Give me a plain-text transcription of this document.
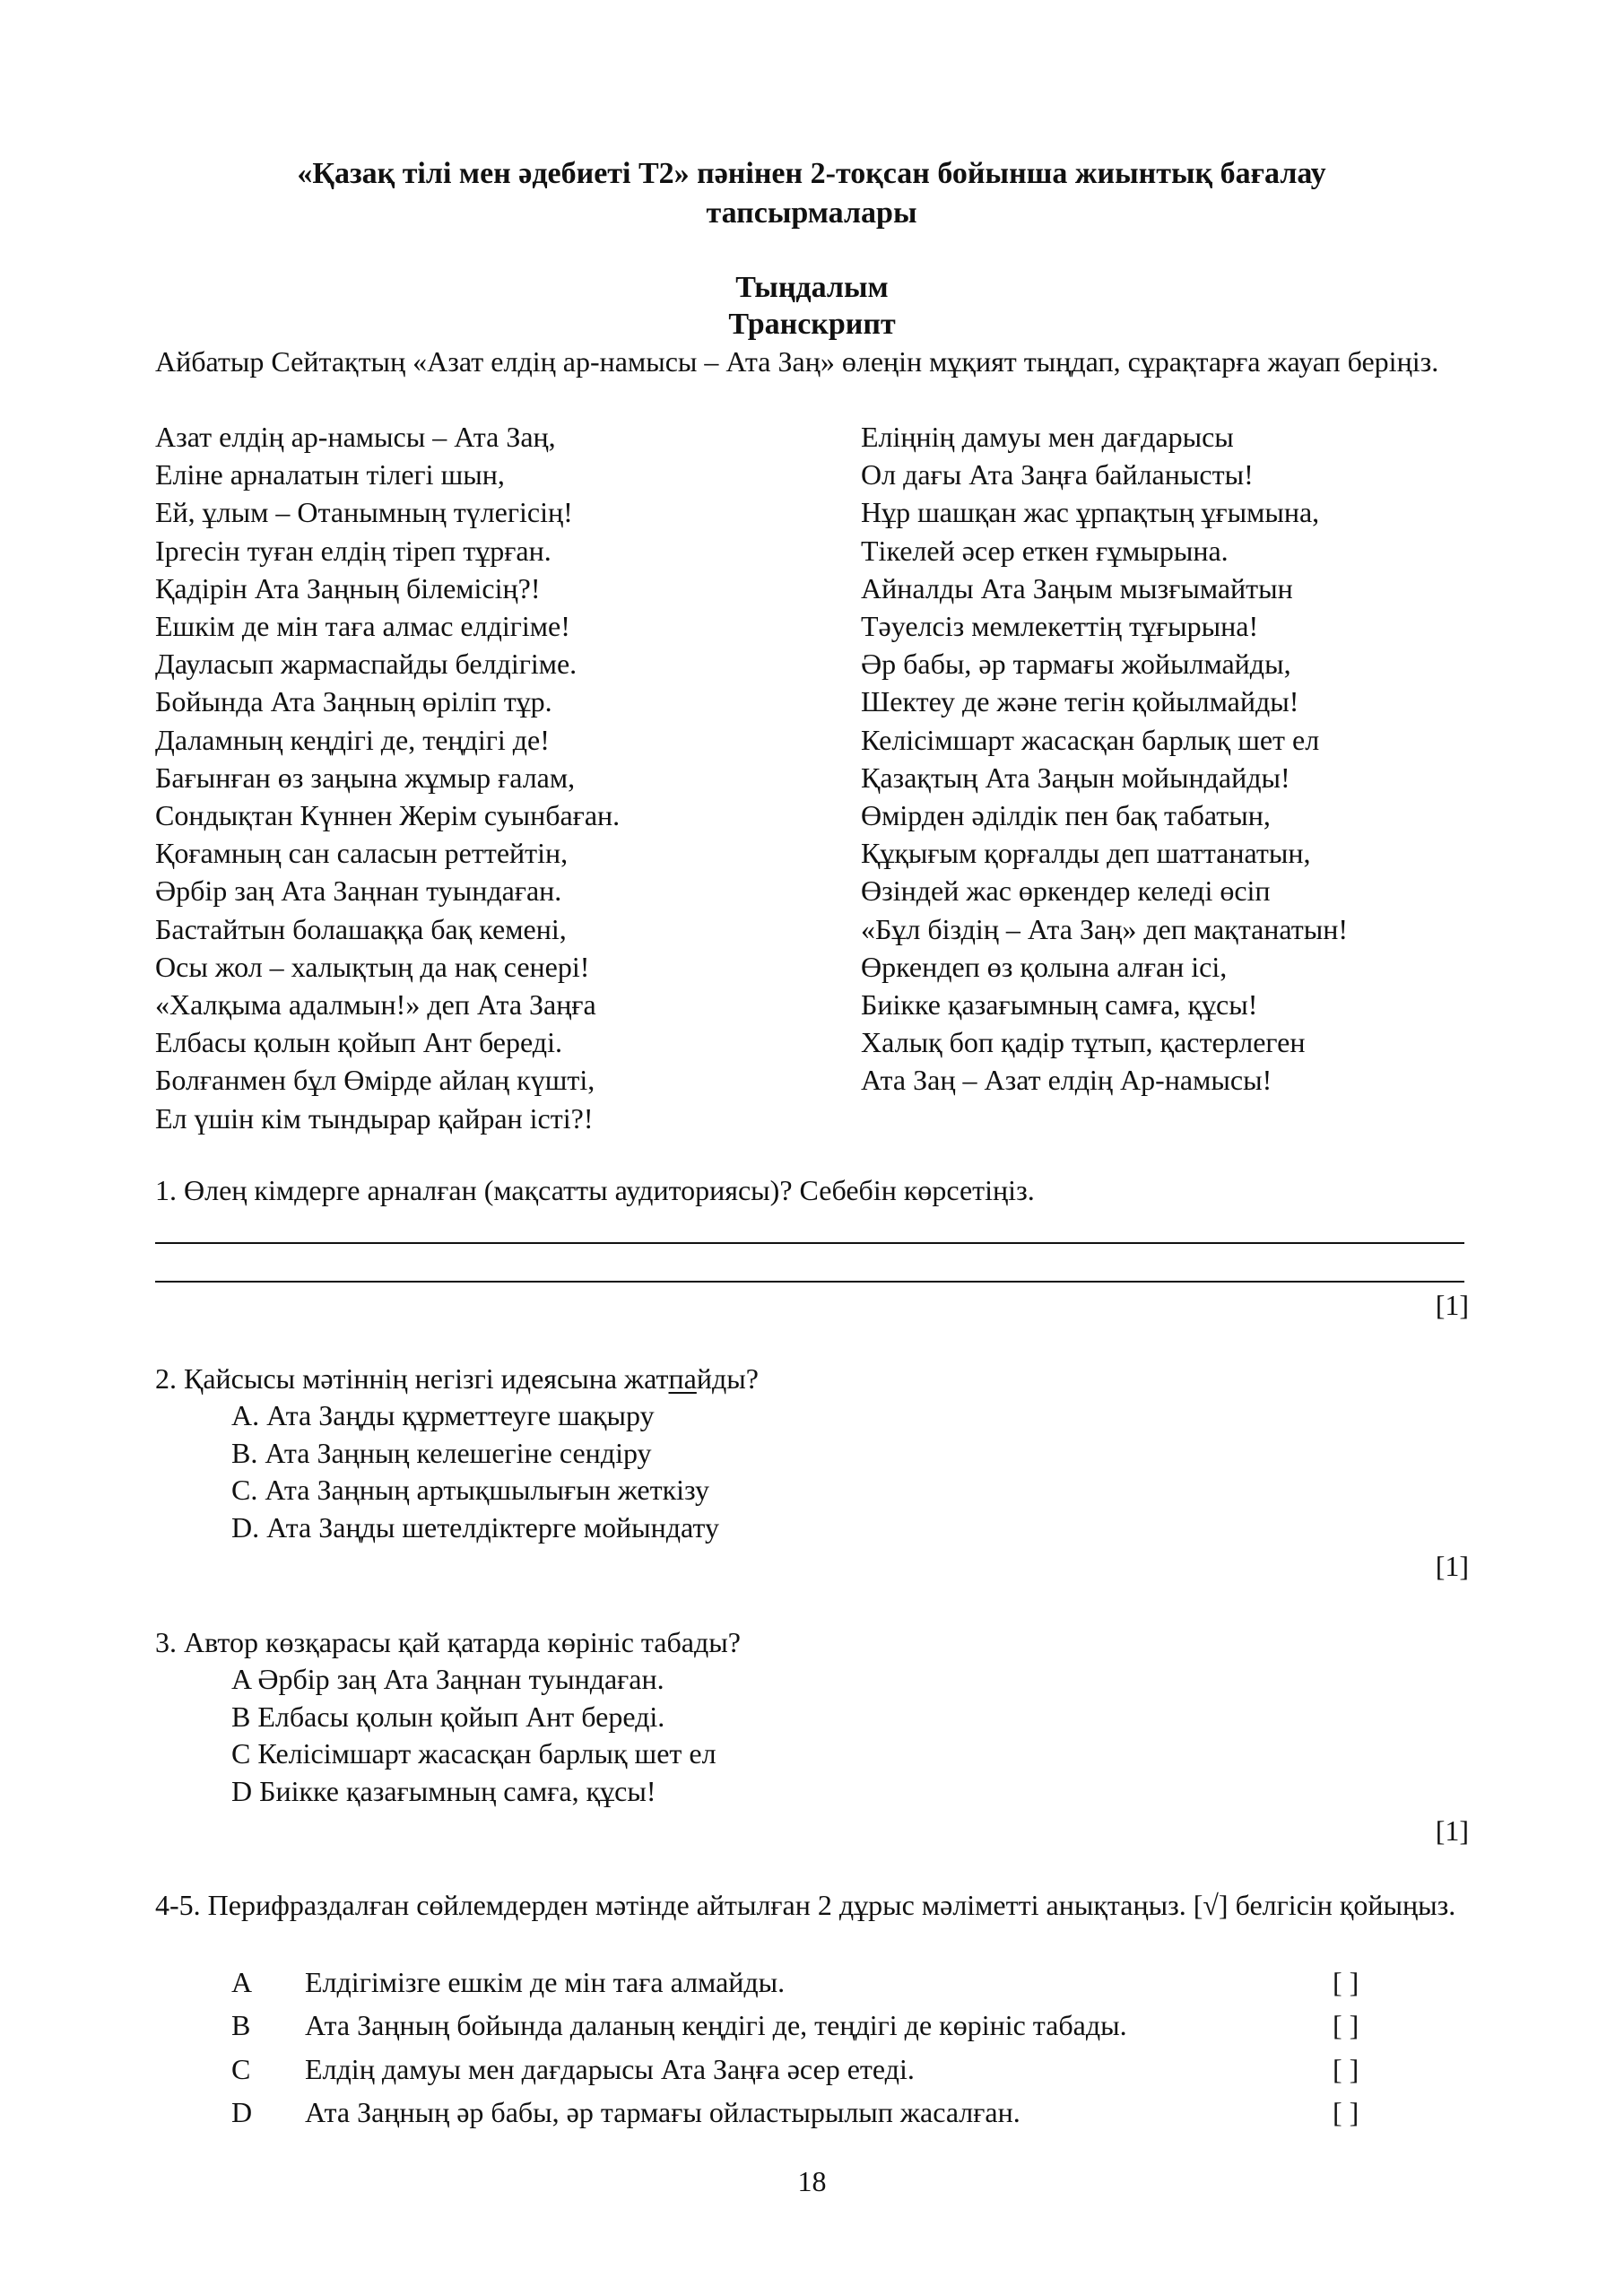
«Қазақ тілі мен әдебиеті Т2» пәнінен 2-тоқсан бойынша жиынтық бағалау тапсырмалары
Тыңдалым
Транскрипт
Айбатыр Сейтақтың «Азат елдің ар-намысы – Ата Заң» өлеңін мұқият тыңдап, сұрақтарға жауап беріңіз.
Азат елдің ар-намысы – Ата Заң,
Еліне арналатын тілегі шын,
Ей, ұлым – Отанымның түлегісің!
Іргесін туған елдің тіреп тұрған.
Қадірін Ата Заңның білемісің?!
Ешкім де мін таға алмас елдігіме!
Дауласып жармаспайды белдігіме.
Бойында Ата Заңның өріліп тұр.
Даламның кеңдігі де, теңдігі де!
Бағынған өз заңына жұмыр ғалам,
Сондықтан Күннен Жерім суынбаған.
Қоғамның сан саласын реттейтін,
Әрбір заң Ата Заңнан туындаған.
Бастайтын болашаққа бақ кемені,
Осы жол – халықтың да нақ сенері!
«Халқыма адалмын!» деп Ата Заңға
Елбасы қолын қойып Ант береді.
Болғанмен бұл Өмірде айлаң күшті,
Ел үшін кім тындырар қайран істі?!
Еліңнің дамуы мен дағдарысы
Ол дағы Ата Заңға байланысты!
Нұр шашқан жас ұрпақтың ұғымына,
Тікелей әсер еткен ғұмырына.
Айналды Ата Заңым мызғымайтын
Тәуелсіз мемлекеттің тұғырына!
Әр бабы, әр тармағы жойылмайды,
Шектеу де және тегін қойылмайды!
Келісімшарт жасасқан барлық шет ел
Қазақтың Ата Заңын мойындайды!
Өмірден әділдік пен бақ табатын,
Құқығым қорғалды деп шаттанатын,
Өзіндей жас өркендер келеді өсіп
«Бұл біздің – Ата Заң» деп мақтанатын!
Өркендеп өз қолына алған ісі,
Биікке қазағымның самға, құсы!
Халық боп қадір тұтып, қастерлеген
Ата Заң – Азат елдің Ар-намысы!
1. Өлең кімдерге арналған (мақсатты аудиториясы)? Себебін көрсетіңіз.
[1]
2. Қайсысы мәтіннің негізгі идеясына жатпайды?
A. Ата Заңды құрметтеуге шақыру
B. Ата Заңның келешегіне сендіру
C. Ата Заңның артықшылығын жеткізу
D. Ата Заңды шетелдіктерге мойындату
[1]
3. Автор көзқарасы қай қатарда көрініс табады?
A Әрбір заң Ата Заңнан туындаған.
B Елбасы қолын қойып Ант береді.
C Келісімшарт жасасқан барлық шет ел
D Биікке қазағымның самға, құсы!
[1]
4-5. Перифраздалған сөйлемдерден мәтінде айтылған 2 дұрыс мәліметті анықтаңыз. [√] белгісін қойыңыз.
A Елдігімізге ешкім де мін таға алмайды.	[ ]
B Ата Заңның бойында даланың кеңдігі де, теңдігі де көрініс табады.	[ ]
C Елдің дамуы мен дағдарысы Ата Заңға әсер етеді.	[ ]
D Ата Заңның әр бабы, әр тармағы ойластырылып жасалған.	[ ]
18
